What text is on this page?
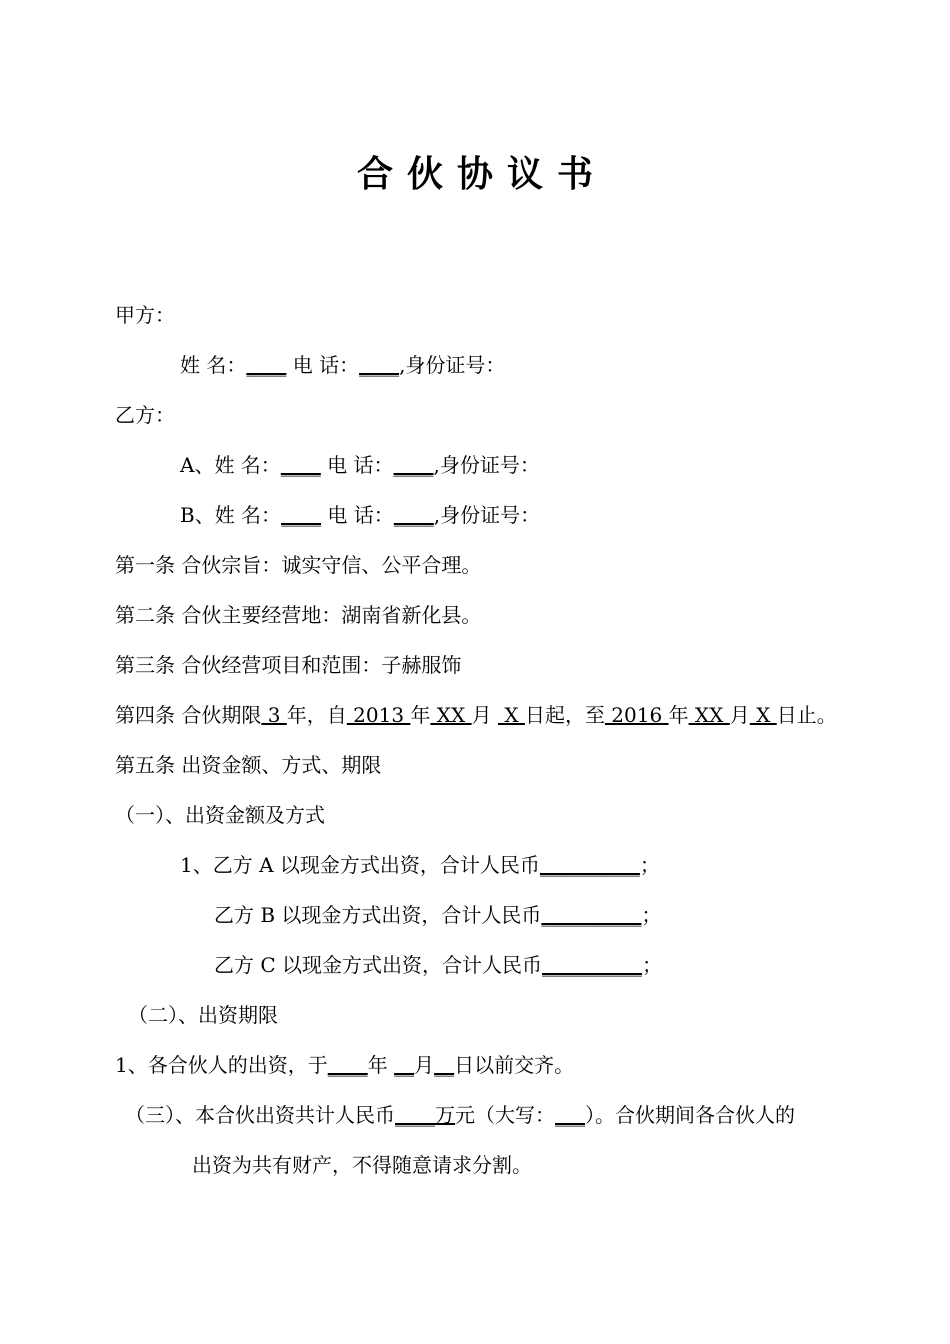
合伙协议书
甲方：
姓 名：____ 电 话：____,身份证号：
乙方：
A、姓 名：____ 电 话：____,身份证号：
B、姓 名：____ 电 话：____,身份证号：
第一条 合伙宗旨：诚实守信、公平合理。
第二条 合伙主要经营地：湖南省新化县。
第三条 合伙经营项目和范围：子赫服饰
第四条 合伙期限 3 年，自 2013 年 XX 月  X 日起，至 2016 年 XX 月 X 日止。
第五条 出资金额、方式、期限
（一）、出资金额及方式
1、乙方 A 以现金方式出资，合计人民币__________；
乙方 B 以现金方式出资，合计人民币__________；
乙方 C 以现金方式出资，合计人民币__________；
（二）、出资期限
1、各合伙人的出资，于____年 __月__日以前交齐。
（三）、本合伙出资共计人民币____万元（大写：___）。合伙期间各合伙人的
出资为共有财产，不得随意请求分割。
